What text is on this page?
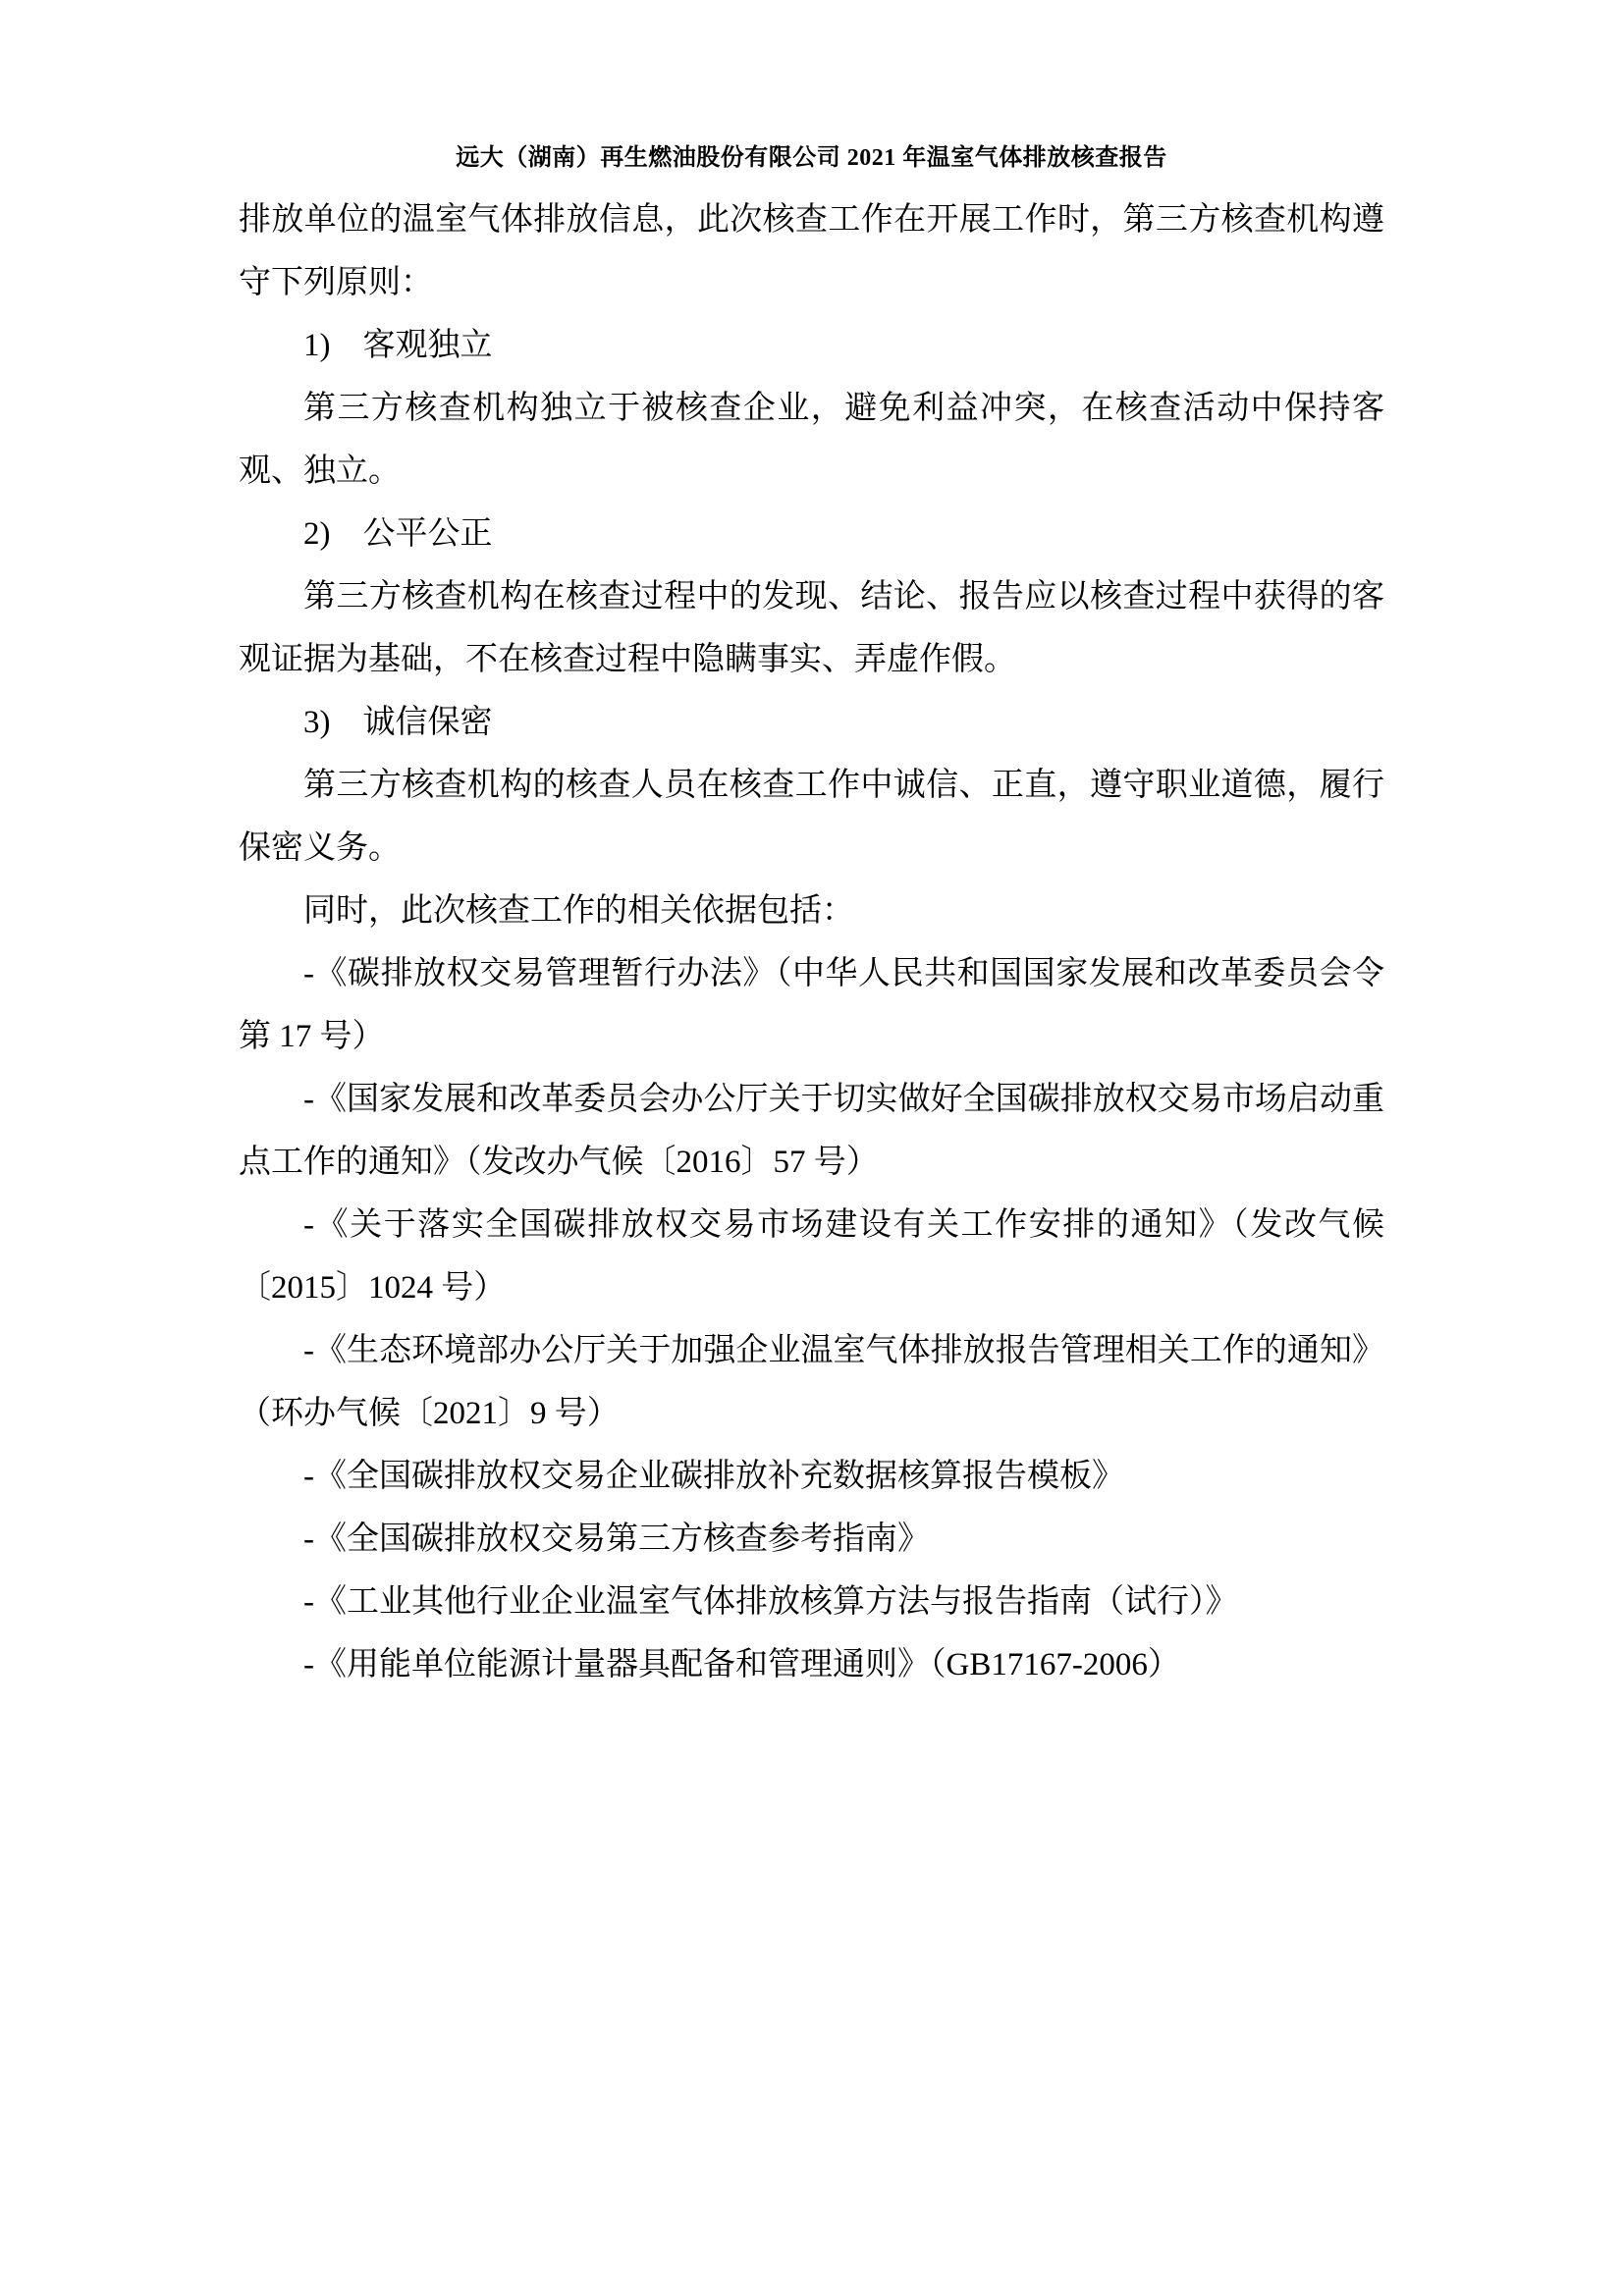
远大（湖南）再生燃油股份有限公司 2021 年温室气体排放核查报告

排放单位的温室气体排放信息，此次核查工作在开展工作时，第三方核查机构遵守下列原则：

1)　客观独立

第三方核查机构独立于被核查企业，避免利益冲突，在核查活动中保持客观、独立。

2)　公平公正

第三方核查机构在核查过程中的发现、结论、报告应以核查过程中获得的客观证据为基础，不在核查过程中隐瞒事实、弄虚作假。

3)　诚信保密

第三方核查机构的核查人员在核查工作中诚信、正直，遵守职业道德，履行保密义务。

同时，此次核查工作的相关依据包括：

-《碳排放权交易管理暂行办法》（中华人民共和国国家发展和改革委员会令第 17 号）

-《国家发展和改革委员会办公厅关于切实做好全国碳排放权交易市场启动重点工作的通知》（发改办气候〔2016〕57 号）

-《关于落实全国碳排放权交易市场建设有关工作安排的通知》（发改气候〔2015〕1024 号）

-《生态环境部办公厅关于加强企业温室气体排放报告管理相关工作的通知》（环办气候〔2021〕9 号）

-《全国碳排放权交易企业碳排放补充数据核算报告模板》

-《全国碳排放权交易第三方核查参考指南》

-《工业其他行业企业温室气体排放核算方法与报告指南（试行）》

-《用能单位能源计量器具配备和管理通则》（GB17167-2006）
